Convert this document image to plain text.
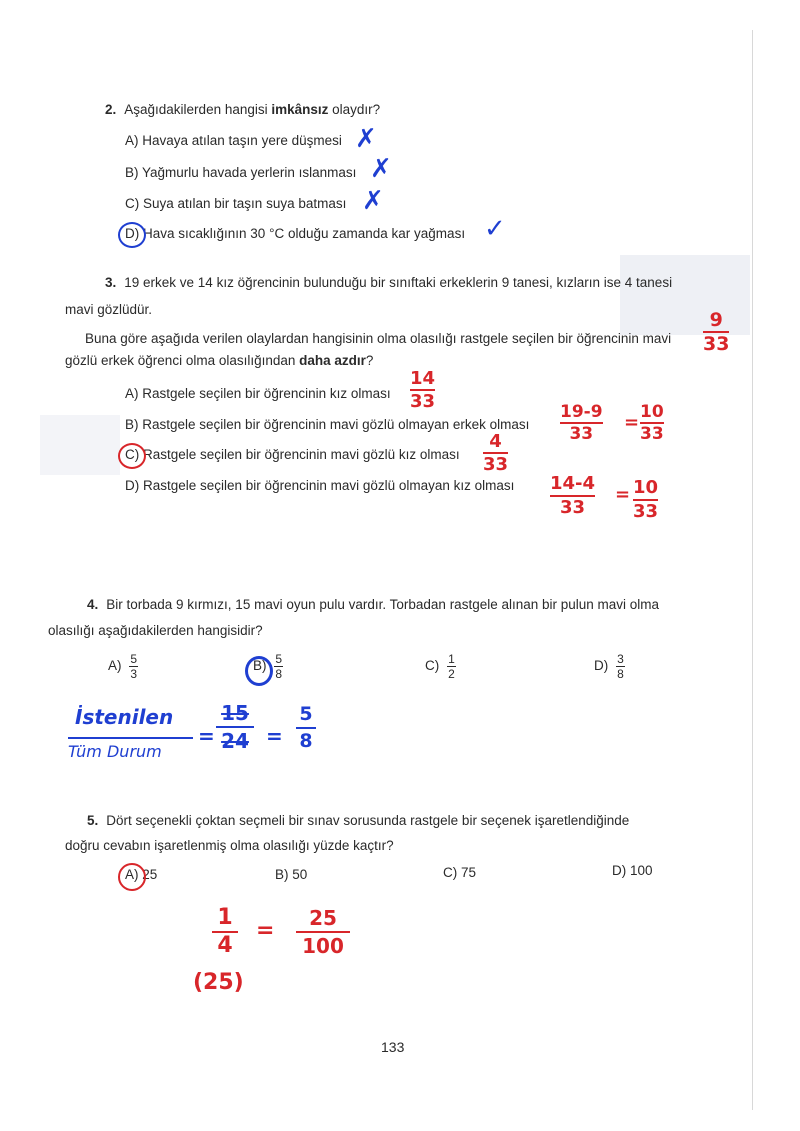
2. Aşağıdakilerden hangisi imkânsız olaydır?
A) Havaya atılan taşın yere düşmesi ✗
B) Yağmurlu havada yerlerin ıslanması ✗
C) Suya atılan bir taşın suya batması ✗
D) Hava sıcaklığının 30 °C olduğu zamanda kar yağması ✓
3. 19 erkek ve 14 kız öğrencinin bulunduğu bir sınıftaki erkeklerin 9 tanesi, kızların ise 4 tanesi
mavi gözlüdür.
Buna göre aşağıda verilen olaylardan hangisinin olma olasılığı rastgele seçilen bir öğrencinin mavi
gözlü erkek öğrenci olma olasılığından daha azdır?
9
33
A) Rastgele seçilen bir öğrencinin kız olması
14
33
B) Rastgele seçilen bir öğrencinin mavi gözlü olmayan erkek olması
19-9
33
= 10
33
C) Rastgele seçilen bir öğrencinin mavi gözlü kız olması
4
33
D) Rastgele seçilen bir öğrencinin mavi gözlü olmayan kız olması 14-4
33
= 10
33
4. Bir torbada 9 kırmızı, 15 mavi oyun pulu vardır. Torbadan rastgele alınan bir pulun mavi olma
olasılığı aşağıdakilerden hangisidir?
$A) \frac{5}{3}$	$B) \frac{5}{8}$	$C) \frac{1}{2}$	$D) \frac{3}{8}$
İstenilen
Tüm Durum
=
15
24 =
5
8
5. Dört seçenekli çoktan seçmeli bir sınav sorusunda rastgele bir seçenek işaretlendiğinde
doğru cevabın işaretlenmiş olma olasılığı yüzde kaçtır?
A) 25	B) 50	C) 75	D) 100
1
4
= 25
100
(25)
133
